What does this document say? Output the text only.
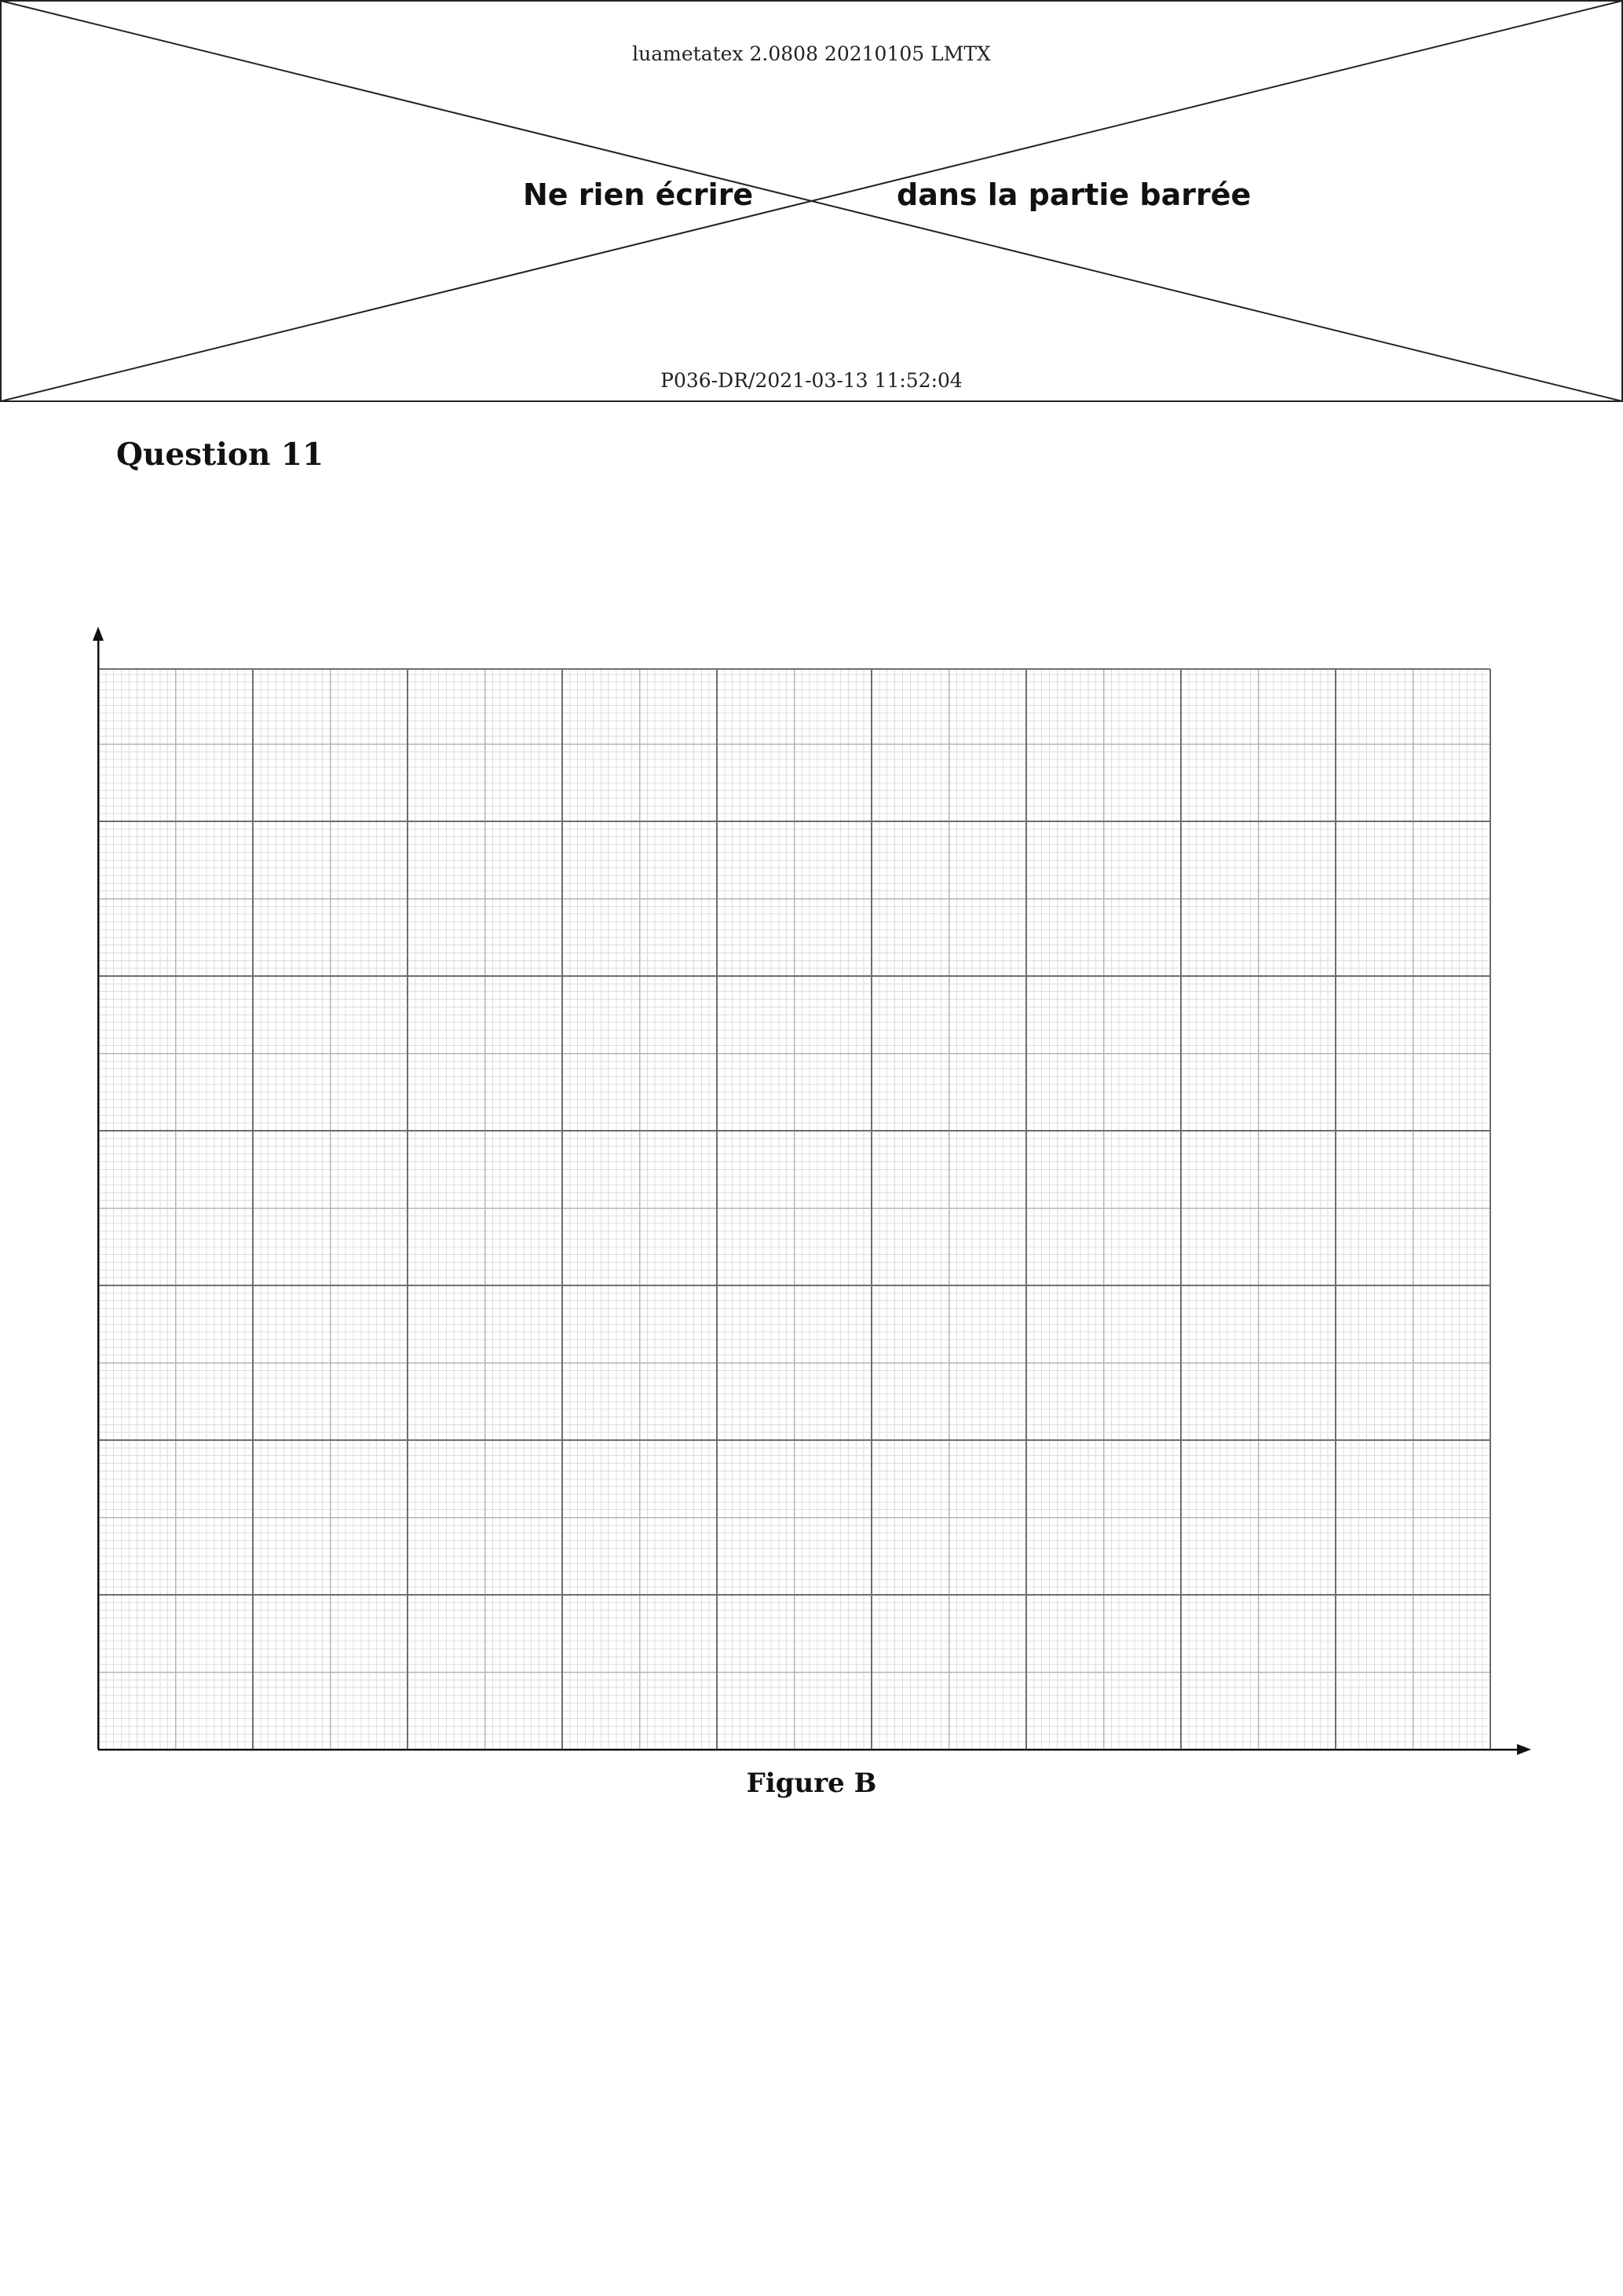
luametatex 2.0808 20210105 LMTX
Ne rien écrire	dans la partie barrée
P036-DR/2021-03-13 11:52:04
Question 11
Figure B
